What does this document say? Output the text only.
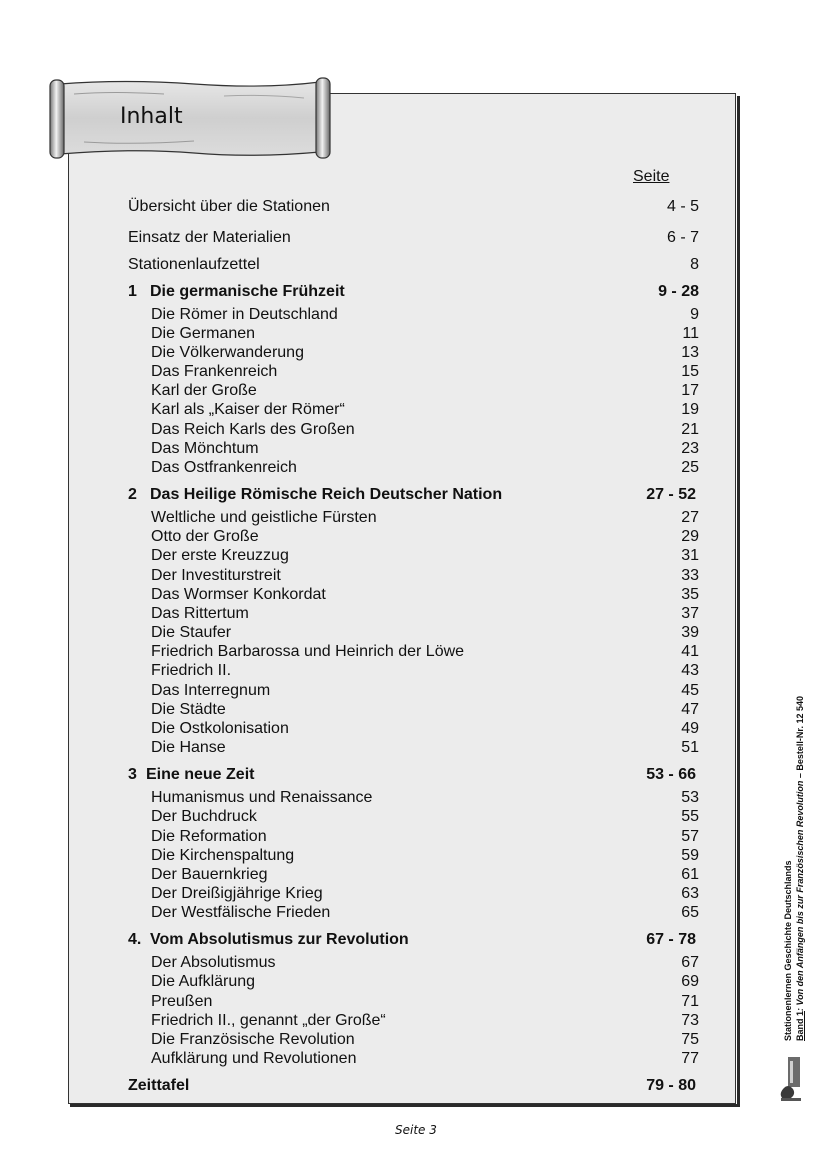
Inhalt
Seite
Übersicht über die Stationen	4 - 5
Einsatz der Materialien	6 - 7
Stationenlaufzettel	8
1 Die germanische Frühzeit	9 - 28
Die Römer in Deutschland	9
Die Germanen	11
Die Völkerwanderung	13
Das Frankenreich	15
Karl der Große	17
Karl als „Kaiser der Römer“	19
Das Reich Karls des Großen	21
Das Mönchtum	23
Das Ostfrankenreich	25
2 Das Heilige Römische Reich Deutscher Nation	27 - 52
Weltliche und geistliche Fürsten	27
Otto der Große	29
Der erste Kreuzzug	31
Der Investiturstreit	33
Das Wormser Konkordat	35
Das Rittertum	37
Die Staufer	39
Friedrich Barbarossa und Heinrich der Löwe	41
Friedrich II.	43
Das Interregnum	45
Die Städte	47
Die Ostkolonisation	49
Die Hanse	51
3 Eine neue Zeit	53 - 66
Humanismus und Renaissance	53
Der Buchdruck	55
Die Reformation	57
Die Kirchenspaltung	59
Der Bauernkrieg	61
Der Dreißigjährige Krieg	63
Der Westfälische Frieden	65
4. Vom Absolutismus zur Revolution	67 - 78
Der Absolutismus	67
Die Aufklärung	69
Preußen	71
Friedrich II., genannt „der Große“	73
Die Französische Revolution	75
Aufklärung und Revolutionen	77
Zeittafel	79 - 80
Seite 3
Stationenlernen Geschichte Deutschlands Band 1: Von den Anfängen bis zur Französischen Revolution – Bestell-Nr. 12 540
